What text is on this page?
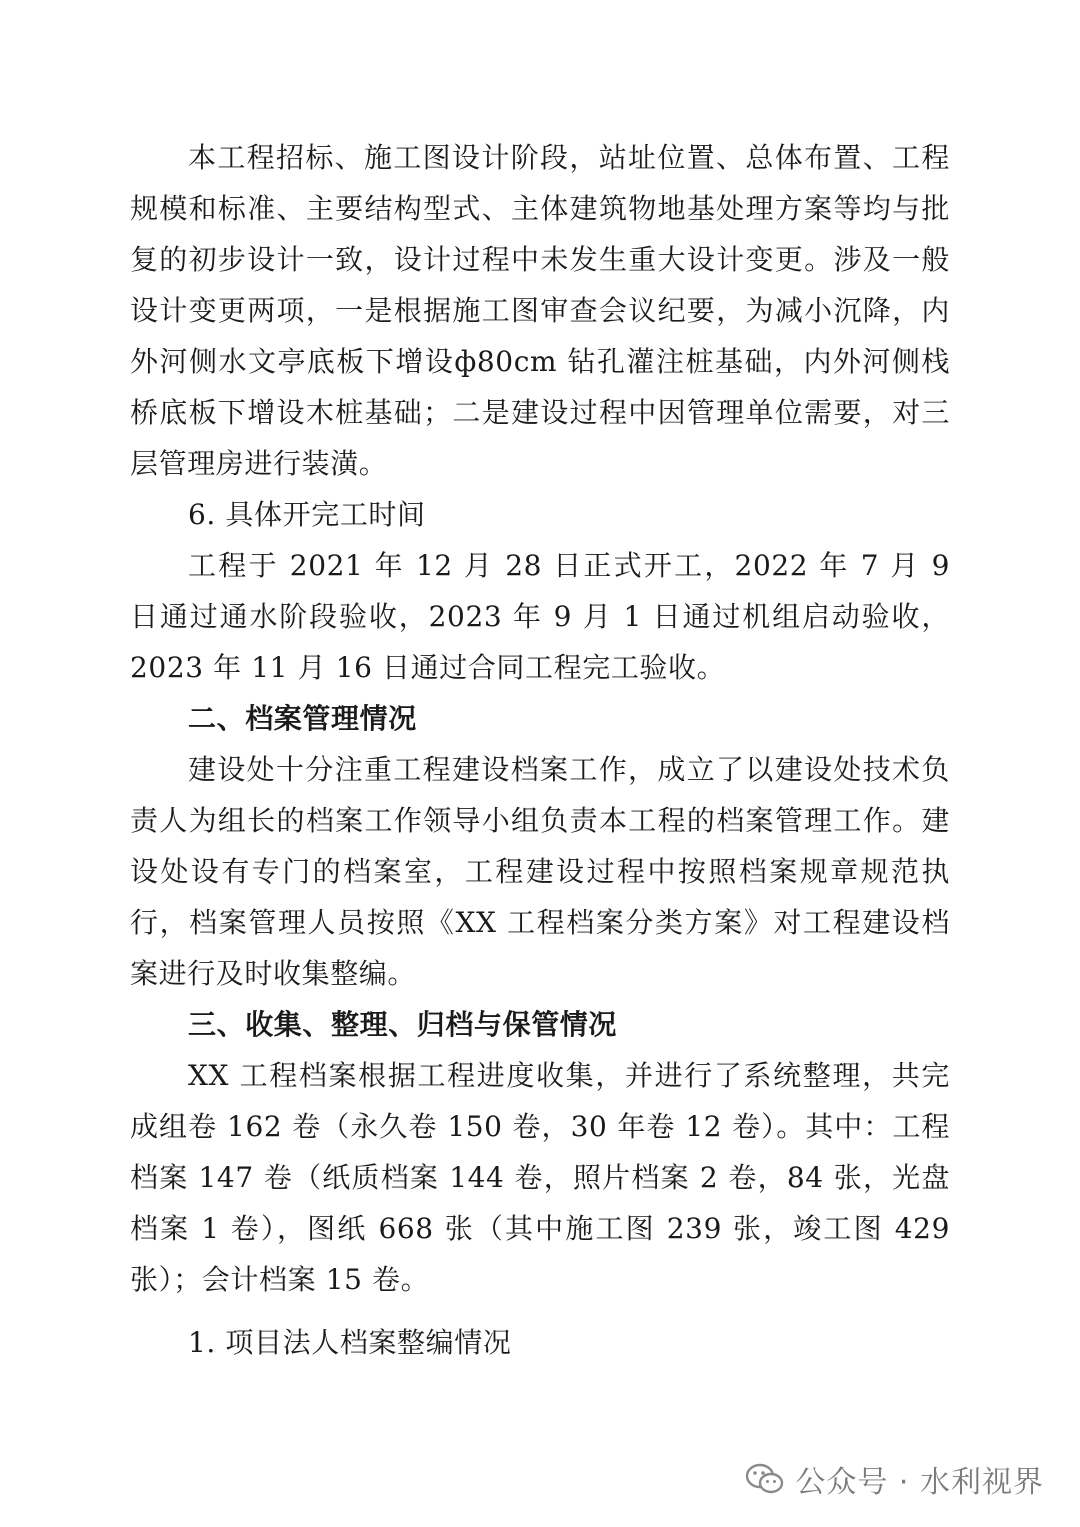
本工程招标、施工图设计阶段，站址位置、总体布置、工程规模和标准、主要结构型式、主体建筑物地基处理方案等均与批复的初步设计一致，设计过程中未发生重大设计变更。涉及一般设计变更两项，一是根据施工图审查会议纪要，为减小沉降，内外河侧水文亭底板下增设ф80cm 钻孔灌注桩基础，内外河侧栈桥底板下增设木桩基础；二是建设过程中因管理单位需要，对三层管理房进行装潢。

6. 具体开完工时间

工程于 2021 年 12 月 28 日正式开工，2022 年 7 月 9 日通过通水阶段验收，2023 年 9 月 1 日通过机组启动验收，2023 年 11 月 16 日通过合同工程完工验收。

二、档案管理情况

建设处十分注重工程建设档案工作，成立了以建设处技术负责人为组长的档案工作领导小组负责本工程的档案管理工作。建设处设有专门的档案室，工程建设过程中按照档案规章规范执行，档案管理人员按照《XX 工程档案分类方案》对工程建设档案进行及时收集整编。

三、收集、整理、归档与保管情况

XX 工程档案根据工程进度收集，并进行了系统整理，共完成组卷 162 卷（永久卷 150 卷，30 年卷 12 卷）。其中：工程档案 147 卷（纸质档案 144 卷，照片档案 2 卷，84 张，光盘档案 1 卷），图纸 668 张（其中施工图 239 张，竣工图 429 张）；会计档案 15 卷。

1. 项目法人档案整编情况

公众号 · 水利视界
